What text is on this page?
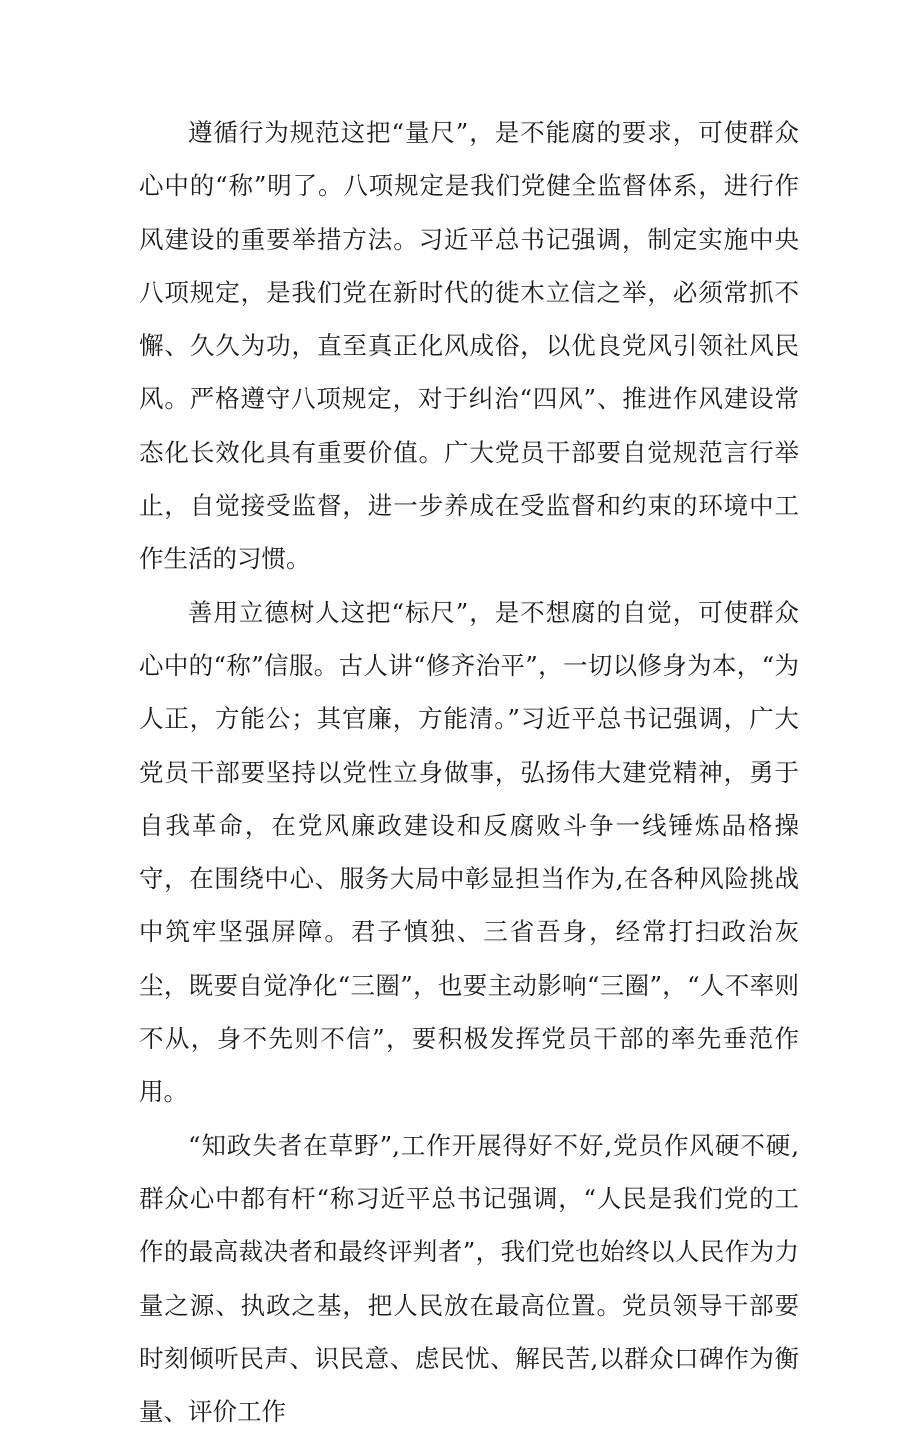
遵循行为规范这把“量尺”，是不能腐的要求，可使群众心中的“称”明了。八项规定是我们党健全监督体系，进行作风建设的重要举措方法。习近平总书记强调，制定实施中央八项规定，是我们党在新时代的徙木立信之举，必须常抓不懈、久久为功，直至真正化风成俗，以优良党风引领社风民风。严格遵守八项规定，对于纠治“四风”、推进作风建设常态化长效化具有重要价值。广大党员干部要自觉规范言行举止，自觉接受监督，进一步养成在受监督和约束的环境中工作生活的习惯。

善用立德树人这把“标尺”，是不想腐的自觉，可使群众心中的“称”信服。古人讲“修齐治平”，一切以修身为本，“为人正，方能公；其官廉，方能清。”习近平总书记强调，广大党员干部要坚持以党性立身做事，弘扬伟大建党精神，勇于自我革命，在党风廉政建设和反腐败斗争一线锤炼品格操守，在围绕中心、服务大局中彰显担当作为,在各种风险挑战中筑牢坚强屏障。君子慎独、三省吾身，经常打扫政治灰尘，既要自觉净化“三圈”，也要主动影响“三圈”，“人不率则不从，身不先则不信”，要积极发挥党员干部的率先垂范作用。

“知政失者在草野”,工作开展得好不好,党员作风硬不硬,群众心中都有杆“称习近平总书记强调，“人民是我们党的工作的最高裁决者和最终评判者”，我们党也始终以人民作为力量之源、执政之基，把人民放在最高位置。党员领导干部要时刻倾听民声、识民意、虑民忧、解民苦,以群众口碑作为衡量、评价工作
